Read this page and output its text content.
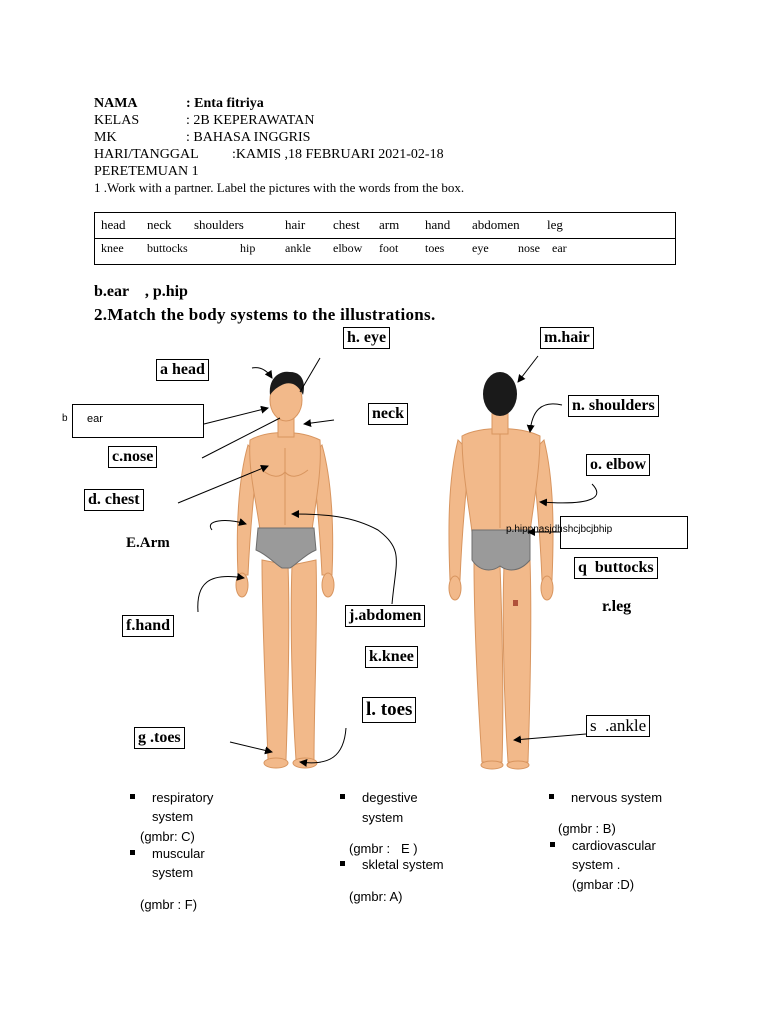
NAMA	: Enta fitriya
KELAS	: 2B KEPERAWATAN
MK	: BAHASA INGGRIS
HARI/TANGGAL :KAMIS ,18 FEBRUARI 2021-02-18
PERETEMUAN 1
1 .Work with a partner. Label the pictures with the words from the box.
head neck shoulders	hair chest arm hand abdomen leg
knee buttocks	hip ankle elbow foot toes eye nose ear
b.ear    , p.hip
2.Match the body systems to the illustrations.
a head
b ear
c.nose
d. chest
E.Arm
f.hand
g .toes
h. eye
neck
j.abdomen
k.knee
l. toes
m.hair
n. shoulders
o. elbow
p.hippnasjdhshcjbcjbhip
q  buttocks
r.leg
s  .ankle
respiratory
system
(gmbr: C)
muscular
system
(gmbr : F)
degestive
system
(gmbr :   E )
skletal system
(gmbr: A)
nervous system
(gmbr : B)
cardiovascular
system .
(gmbar :D)
